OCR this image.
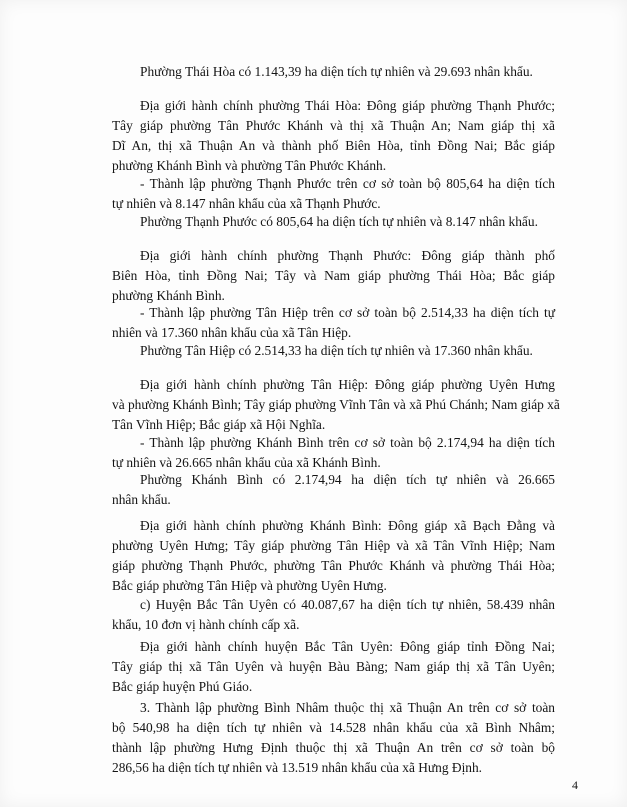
Phường Thái Hòa có 1.143,39 ha diện tích tự nhiên và 29.693 nhân khẩu.
Địa giới hành chính phường Thái Hòa: Đông giáp phường Thạnh Phước;
Tây giáp phường Tân Phước Khánh và thị xã Thuận An; Nam giáp thị xã
Dĩ An, thị xã Thuận An và thành phố Biên Hòa, tỉnh Đồng Nai; Bắc giáp
phường Khánh Bình và phường Tân Phước Khánh.
- Thành lập phường Thạnh Phước trên cơ sở toàn bộ 805,64 ha diện tích
tự nhiên và 8.147 nhân khẩu của xã Thạnh Phước.
Phường Thạnh Phước có 805,64 ha diện tích tự nhiên và 8.147 nhân khẩu.
Địa giới hành chính phường Thạnh Phước: Đông giáp thành phố
Biên Hòa, tỉnh Đồng Nai; Tây và Nam giáp phường Thái Hòa; Bắc giáp
phường Khánh Bình.
- Thành lập phường Tân Hiệp trên cơ sở toàn bộ 2.514,33 ha diện tích tự
nhiên và 17.360 nhân khẩu của xã Tân Hiệp.
Phường Tân Hiệp có 2.514,33 ha diện tích tự nhiên và 17.360 nhân khẩu.
Địa giới hành chính phường Tân Hiệp: Đông giáp phường Uyên Hưng
và phường Khánh Bình; Tây giáp phường Vĩnh Tân và xã Phú Chánh; Nam giáp xã
Tân Vĩnh Hiệp; Bắc giáp xã Hội Nghĩa.
- Thành lập phường Khánh Bình trên cơ sở toàn bộ 2.174,94 ha diện tích
tự nhiên và 26.665 nhân khẩu của xã Khánh Bình.
Phường Khánh Bình có 2.174,94 ha diện tích tự nhiên và 26.665
nhân khẩu.
Địa giới hành chính phường Khánh Bình: Đông giáp xã Bạch Đằng và
phường Uyên Hưng; Tây giáp phường Tân Hiệp và xã Tân Vĩnh Hiệp; Nam
giáp phường Thạnh Phước, phường Tân Phước Khánh và phường Thái Hòa;
Bắc giáp phường Tân Hiệp và phường Uyên Hưng.
c) Huyện Bắc Tân Uyên có 40.087,67 ha diện tích tự nhiên, 58.439 nhân
khẩu, 10 đơn vị hành chính cấp xã.
Địa giới hành chính huyện Bắc Tân Uyên: Đông giáp tỉnh Đồng Nai;
Tây giáp thị xã Tân Uyên và huyện Bàu Bàng; Nam giáp thị xã Tân Uyên;
Bắc giáp huyện Phú Giáo.
3. Thành lập phường Bình Nhâm thuộc thị xã Thuận An trên cơ sở toàn
bộ 540,98 ha diện tích tự nhiên và 14.528 nhân khẩu của xã Bình Nhâm;
thành lập phường Hưng Định thuộc thị xã Thuận An trên cơ sở toàn bộ
286,56 ha diện tích tự nhiên và 13.519 nhân khẩu của xã Hưng Định.
4
